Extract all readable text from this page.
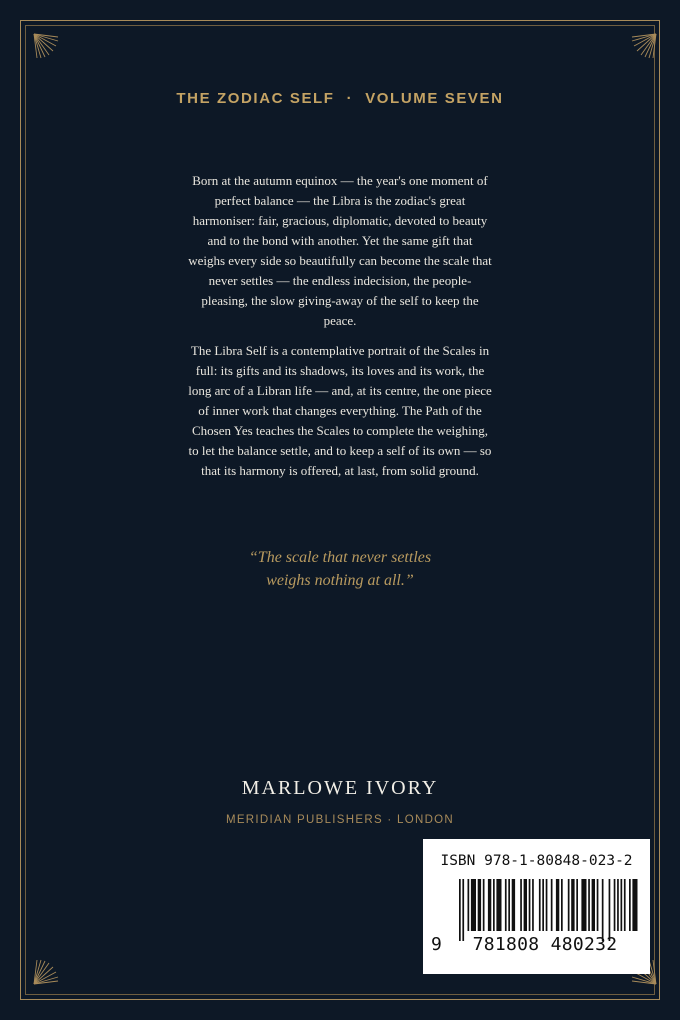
THE ZODIAC SELF · VOLUME SEVEN

Born at the autumn equinox — the year's one moment of perfect balance — the Libra is the zodiac's great harmoniser: fair, gracious, diplomatic, devoted to beauty and to the bond with another. Yet the same gift that weighs every side so beautifully can become the scale that never settles — the endless indecision, the people-pleasing, the slow giving-away of the self to keep the peace.

The Libra Self is a contemplative portrait of the Scales in full: its gifts and its shadows, its loves and its work, the long arc of a Libran life — and, at its centre, the one piece of inner work that changes everything. The Path of the Chosen Yes teaches the Scales to complete the weighing, to let the balance settle, and to keep a self of its own — so that its harmony is offered, at last, from solid ground.

“The scale that never settles
weighs nothing at all.”
MARLOWE IVORY
MERIDIAN PUBLISHERS · LONDON
ISBN 978-1-80848-023-2
9	781808 480232
